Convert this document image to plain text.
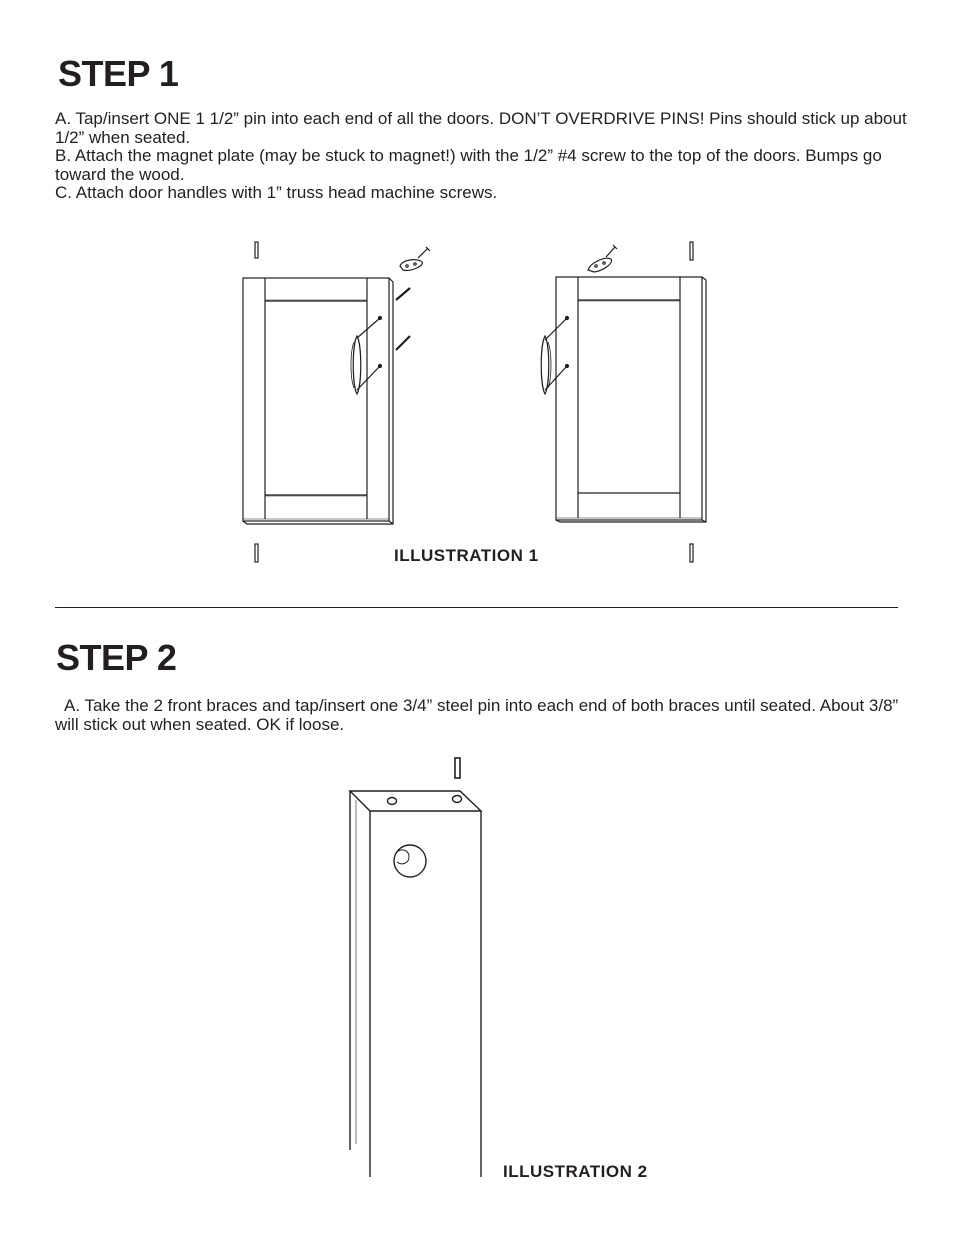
STEP 1

A. Tap/insert ONE 1 1/2” pin into each end of all the doors. DON’T OVERDRIVE PINS! Pins should stick up about 1/2” when seated.

B. Attach the magnet plate (may be stuck to magnet!) with the 1/2” #4 screw to the top of the doors. Bumps go toward the wood.

C. Attach door handles with 1” truss head machine screws.

ILLUSTRATION 1

STEP 2

A. Take the 2 front braces and tap/insert one 3/4” steel pin into each end of both braces until seated. About 3/8” will stick out when seated. OK if loose.

ILLUSTRATION 2
